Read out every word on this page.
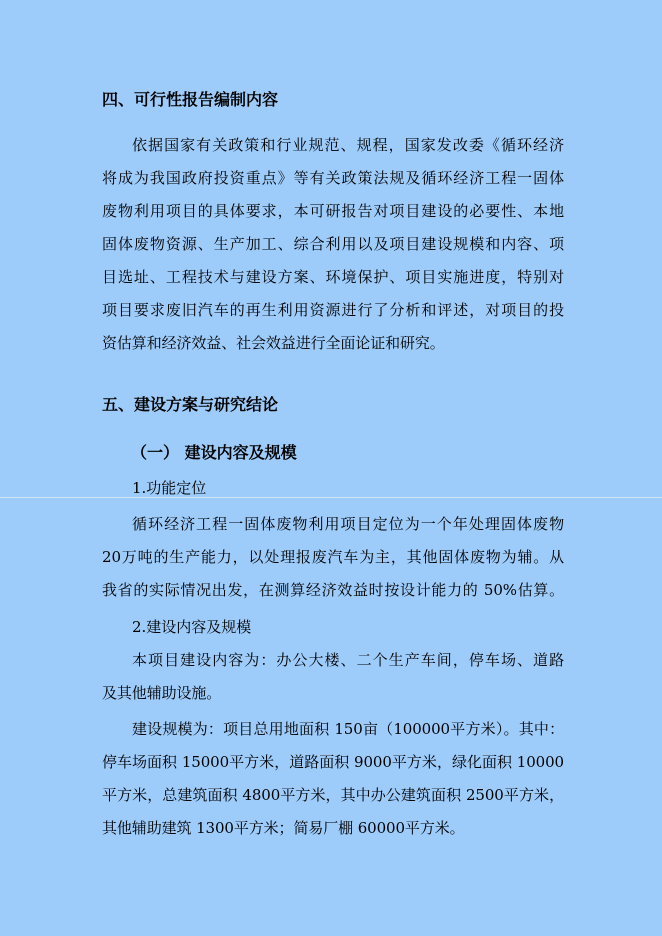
四、可行性报告编制内容
依据国家有关政策和行业规范、规程，国家发改委《循环经济
将成为我国政府投资重点》等有关政策法规及循环经济工程一固体
废物利用项目的具体要求，本可研报告对项目建设的必要性、本地
固体废物资源、生产加工、综合利用以及项目建设规模和内容、项
目选址、工程技术与建设方案、环境保护、项目实施进度，特别对
项目要求废旧汽车的再生利用资源进行了分析和评述，对项目的投
资估算和经济效益、社会效益进行全面论证和研究。
五、建设方案与研究结论
（一） 建设内容及规模
1.功能定位
循环经济工程一固体废物利用项目定位为一个年处理固体废物
20万吨的生产能力，以处理报废汽车为主，其他固体废物为辅。从
我省的实际情况出发，在测算经济效益时按设计能力的 50%估算。
2.建设内容及规模
本项目建设内容为：办公大楼、二个生产车间，停车场、道路
及其他辅助设施。
建设规模为：项目总用地面积 150亩（100000平方米）。其中：
停车场面积 15000平方米，道路面积 9000平方米，绿化面积 10000
平方米，总建筑面积 4800平方米，其中办公建筑面积 2500平方米，
其他辅助建筑 1300平方米；简易厂棚 60000平方米。
